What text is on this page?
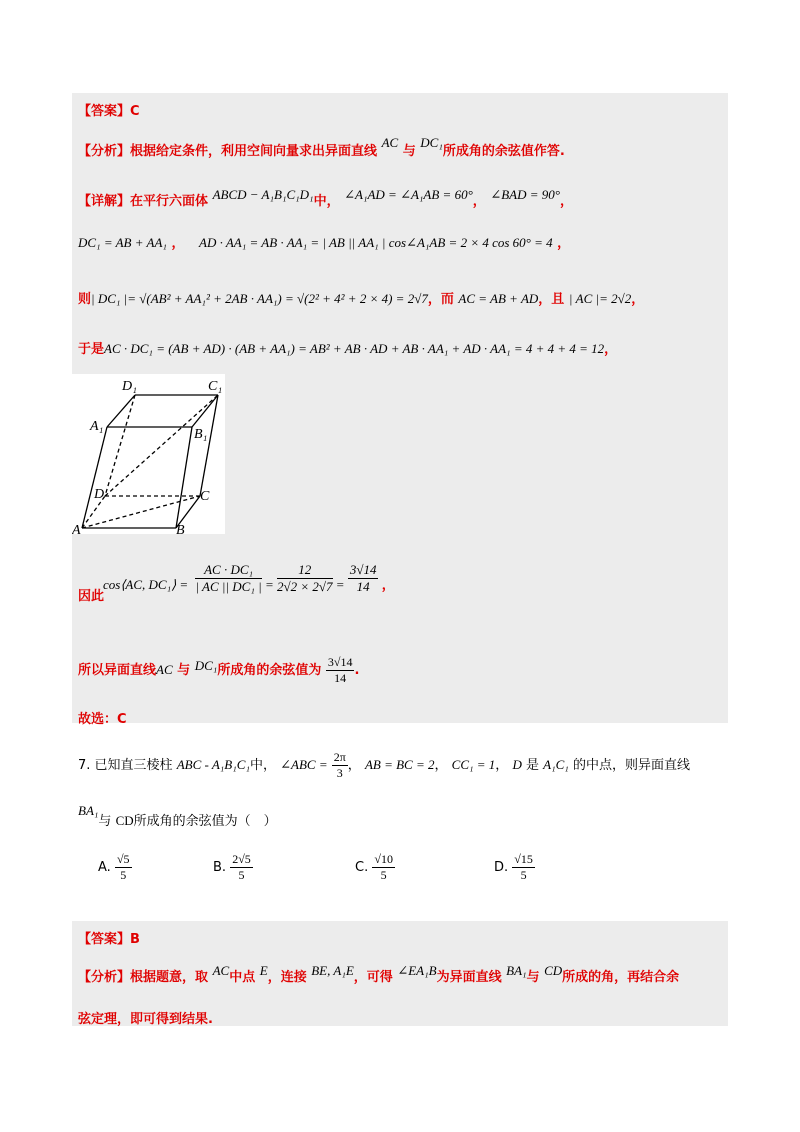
【答案】C
【分析】根据给定条件，利用空间向量求出异面直线 AC 与 DC₁所成角的余弦值作答.
【详解】在平行六面体 ABCD − A₁B₁C₁D₁中， ∠A₁AD = ∠A₁AB = 60°， ∠BAD = 90°，
DC₁ = AB + AA₁ ， AD · AA₁ = AB · AA₁ = | AB || AA₁ | cos∠A₁AB = 2 × 4 cos 60° = 4 ，
则| DC₁ |= √(AB² + AA₁² + 2AB · AA₁) = √(2² + 4² + 2 × 4) = 2√7，而 AC = AB + AD，且 | AC |= 2√2，
于是AC · DC₁ = (AB + AD) · (AB + AA₁) = AB² + AB · AD + AB · AA₁ + AD · AA₁ = 4 + 4 + 4 = 12，
D₁	C₁
A₁
B₁
D	C
A	B
因此
cos⟨AC, DC₁⟩ = $\frac{\text{AC · DC₁}}{\text{| AC || DC₁ |}} = \frac{12}{2√2 \times 2√7} = \frac{3√14}{14}$ ，
所以异面直线AC 与 DC₁所成角的余弦值为 $\frac{3√14}{14}$ .
故选：C
7. 已知直三棱柱 ABC - A₁B₁C₁中， ∠ABC = $\frac{2\pi}{3}$ ， AB = BC = 2， CC₁ = 1， D 是 A₁C₁ 的中点，则异面直线
BA₁与 CD所成角的余弦值为（　）
A. $\frac{√5}{5}$	B. $\frac{2√5}{5}$	C. $\frac{√10}{5}$	D. $\frac{√15}{5}$
【答案】B
【分析】根据题意，取 AC中点 E，连接 BE, A₁E，可得 ∠EA₁B为异面直线 BA₁与 CD所成的角，再结合余
弦定理，即可得到结果.
